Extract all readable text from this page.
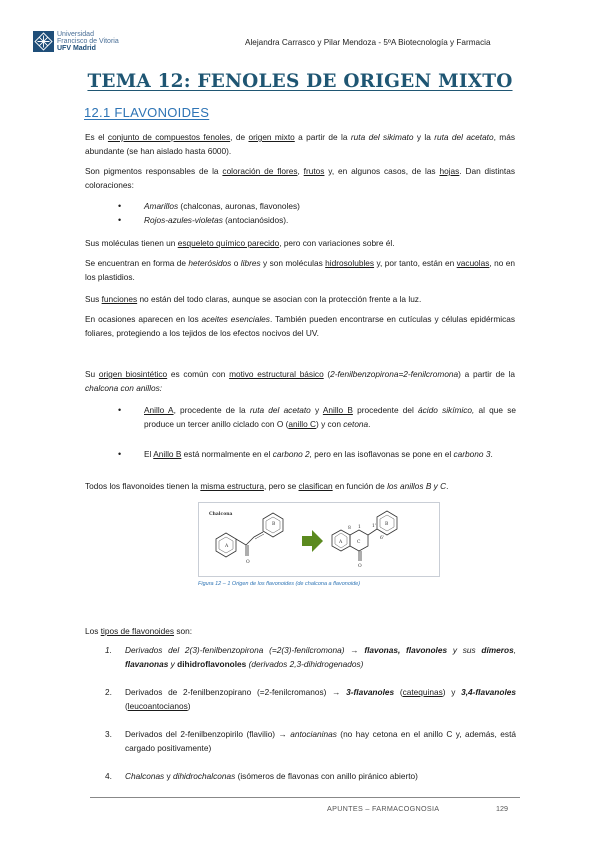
Universidad
Francisco de Vitoria
UFV Madrid
Alejandra Carrasco y Pilar Mendoza - 5ºA Biotecnología y Farmacia
TEMA 12: FENOLES DE ORIGEN MIXTO
12.1 FLAVONOIDES
Es el conjunto de compuestos fenoles, de origen mixto a partir de la ruta del sikimato y la ruta del acetato, más abundante (se han aislado hasta 6000).
Son pigmentos responsables de la coloración de flores, frutos y, en algunos casos, de las hojas. Dan distintas coloraciones:
•	Amarillos (chalconas, auronas, flavonoles)
•	Rojos-azules-violetas (antocianósidos).
Sus moléculas tienen un esqueleto químico parecido, pero con variaciones sobre él.
Se encuentran en forma de heterósidos o libres y son moléculas hidrosolubles y, por tanto, están en vacuolas, no en los plastidios.
Sus funciones no están del todo claras, aunque se asocian con la protección frente a la luz.
En ocasiones aparecen en los aceites esenciales. También pueden encontrarse en cutículas y células epidérmicas foliares, protegiendo a los tejidos de los efectos nocivos del UV.
Su origen biosintético es común con motivo estructural básico (2-fenilbenzopirona=2-fenilcromona) a partir de la chalcona con anillos:
•	Anillo A, procedente de la ruta del acetato y Anillo B procedente del ácido sikímico, al que se produce un tercer anillo ciclado con O (anillo C) y con cetona.
•	El Anillo B está normalmente en el carbono 2, pero en las isoflavonas se pone en el carbono 3.
Todos los flavonoides tienen la misma estructura, pero se clasifican en función de los anillos B y C.
Chalcona
A
B
O
A	C
B
8 1 1'
6'
O
Figura 12 – 1 Origen de los flavonoides (de chalcona a flavonoide)
Los tipos de flavonoides son:
1.	Derivados del 2(3)-fenilbenzopirona (=2(3)-fenilcromona) → flavonas, flavonoles y sus dímeros, flavanonas y dihidroflavonoles (derivados 2,3-dihidrogenados)
2.	Derivados de 2-fenilbenzopirano (=2-fenilcromanos) → 3-flavanoles (catequinas) y 3,4-flavanoles (leucoantocianos)
3.	Derivados del 2-fenilbenzopirilo (flavilio) → antocianinas (no hay cetona en el anillo C y, además, está cargado positivamente)
4.	Chalconas y dihidrochalconas (isómeros de flavonas con anillo piránico abierto)
APUNTES – FARMACOGNOSIA	129
